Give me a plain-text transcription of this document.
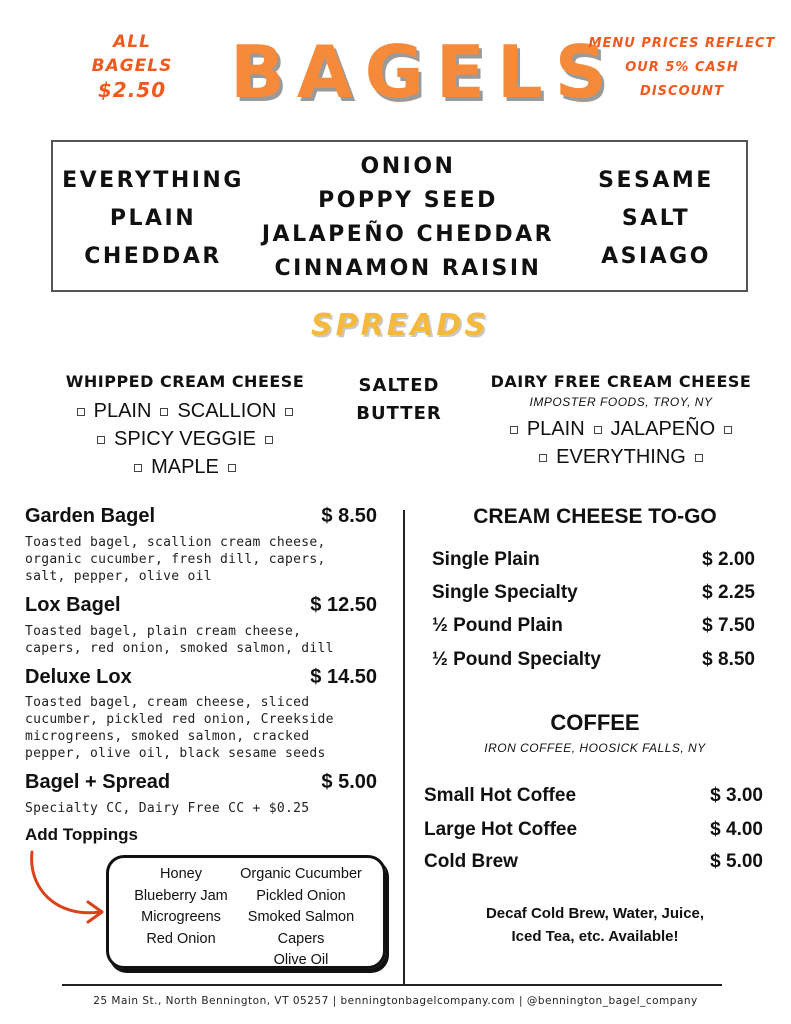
ALL
BAGELS
$2.50 BAGELS
MENU PRICES REFLECT
OUR 5% CASH
DISCOUNT
EVERYTHING
PLAIN
CHEDDAR
ONION
POPPY SEED
JALAPEÑO CHEDDAR
CINNAMON RAISIN
SESAME
SALT
ASIAGO
SPREADS
WHIPPED CREAM CHEESE
PLAIN SCALLION
SPICY VEGGIE
MAPLE
SALTED
BUTTER
DAIRY FREE CREAM CHEESE
IMPOSTER FOODS, TROY, NY
PLAIN JALAPEÑO
EVERYTHING
Garden Bagel	$ 8.50
Toasted bagel, scallion cream cheese,
organic cucumber, fresh dill, capers,
salt, pepper, olive oil
Lox Bagel	$ 12.50
Toasted bagel, plain cream cheese,
capers, red onion, smoked salmon, dill
Deluxe Lox	$ 14.50
Toasted bagel, cream cheese, sliced
cucumber, pickled red onion, Creekside
microgreens, smoked salmon, cracked
pepper, olive oil, black sesame seeds
Bagel + Spread	$ 5.00
Specialty CC, Dairy Free CC + $0.25
Add Toppings
Honey
Blueberry Jam
Microgreens
Red Onion
Organic Cucumber
Pickled Onion
Smoked Salmon
Capers
Olive Oil
CREAM CHEESE TO-GO
Single Plain	$ 2.00
Single Specialty	$ 2.25
½ Pound Plain	$ 7.50
½ Pound Specialty	$ 8.50
COFFEE
IRON COFFEE, HOOSICK FALLS, NY
Small Hot Coffee	$ 3.00
Large Hot Coffee	$ 4.00
Cold Brew	$ 5.00
Decaf Cold Brew, Water, Juice,
Iced Tea, etc. Available!
25 Main St., North Bennington, VT 05257 | benningtonbagelcompany.com | @bennington_bagel_company
